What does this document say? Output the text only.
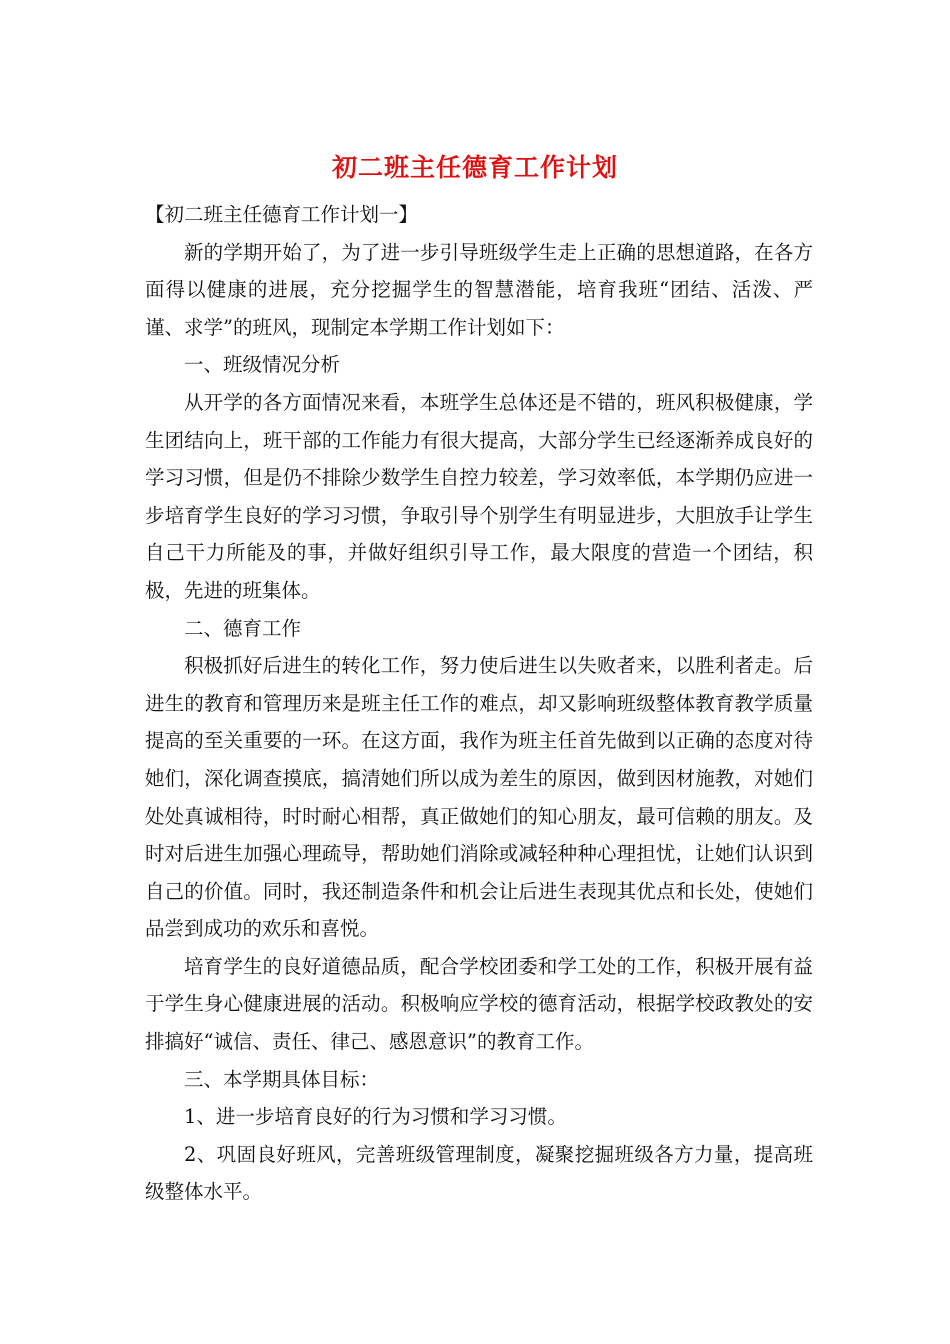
初二班主任德育工作计划

【初二班主任德育工作计划一】

新的学期开始了，为了进一步引导班级学生走上正确的思想道路，在各方面得以健康的进展，充分挖掘学生的智慧潜能，培育我班“团结、活泼、严谨、求学”的班风，现制定本学期工作计划如下：

一、班级情况分析

从开学的各方面情况来看，本班学生总体还是不错的，班风积极健康，学生团结向上，班干部的工作能力有很大提高，大部分学生已经逐渐养成良好的学习习惯，但是仍不排除少数学生自控力较差，学习效率低，本学期仍应进一步培育学生良好的学习习惯，争取引导个别学生有明显进步，大胆放手让学生自己干力所能及的事，并做好组织引导工作，最大限度的营造一个团结，积极，先进的班集体。

二、德育工作

积极抓好后进生的转化工作，努力使后进生以失败者来，以胜利者走。后进生的教育和管理历来是班主任工作的难点，却又影响班级整体教育教学质量提高的至关重要的一环。在这方面，我作为班主任首先做到以正确的态度对待她们，深化调查摸底，搞清她们所以成为差生的原因，做到因材施教，对她们处处真诚相待，时时耐心相帮，真正做她们的知心朋友，最可信赖的朋友。及时对后进生加强心理疏导，帮助她们消除或减轻种种心理担忧，让她们认识到自己的价值。同时，我还制造条件和机会让后进生表现其优点和长处，使她们品尝到成功的欢乐和喜悦。

培育学生的良好道德品质，配合学校团委和学工处的工作，积极开展有益于学生身心健康进展的活动。积极响应学校的德育活动，根据学校政教处的安排搞好“诚信、责任、律己、感恩意识”的教育工作。

三、本学期具体目标：

1、进一步培育良好的行为习惯和学习习惯。

2、巩固良好班风，完善班级管理制度，凝聚挖掘班级各方力量，提高班级整体水平。
